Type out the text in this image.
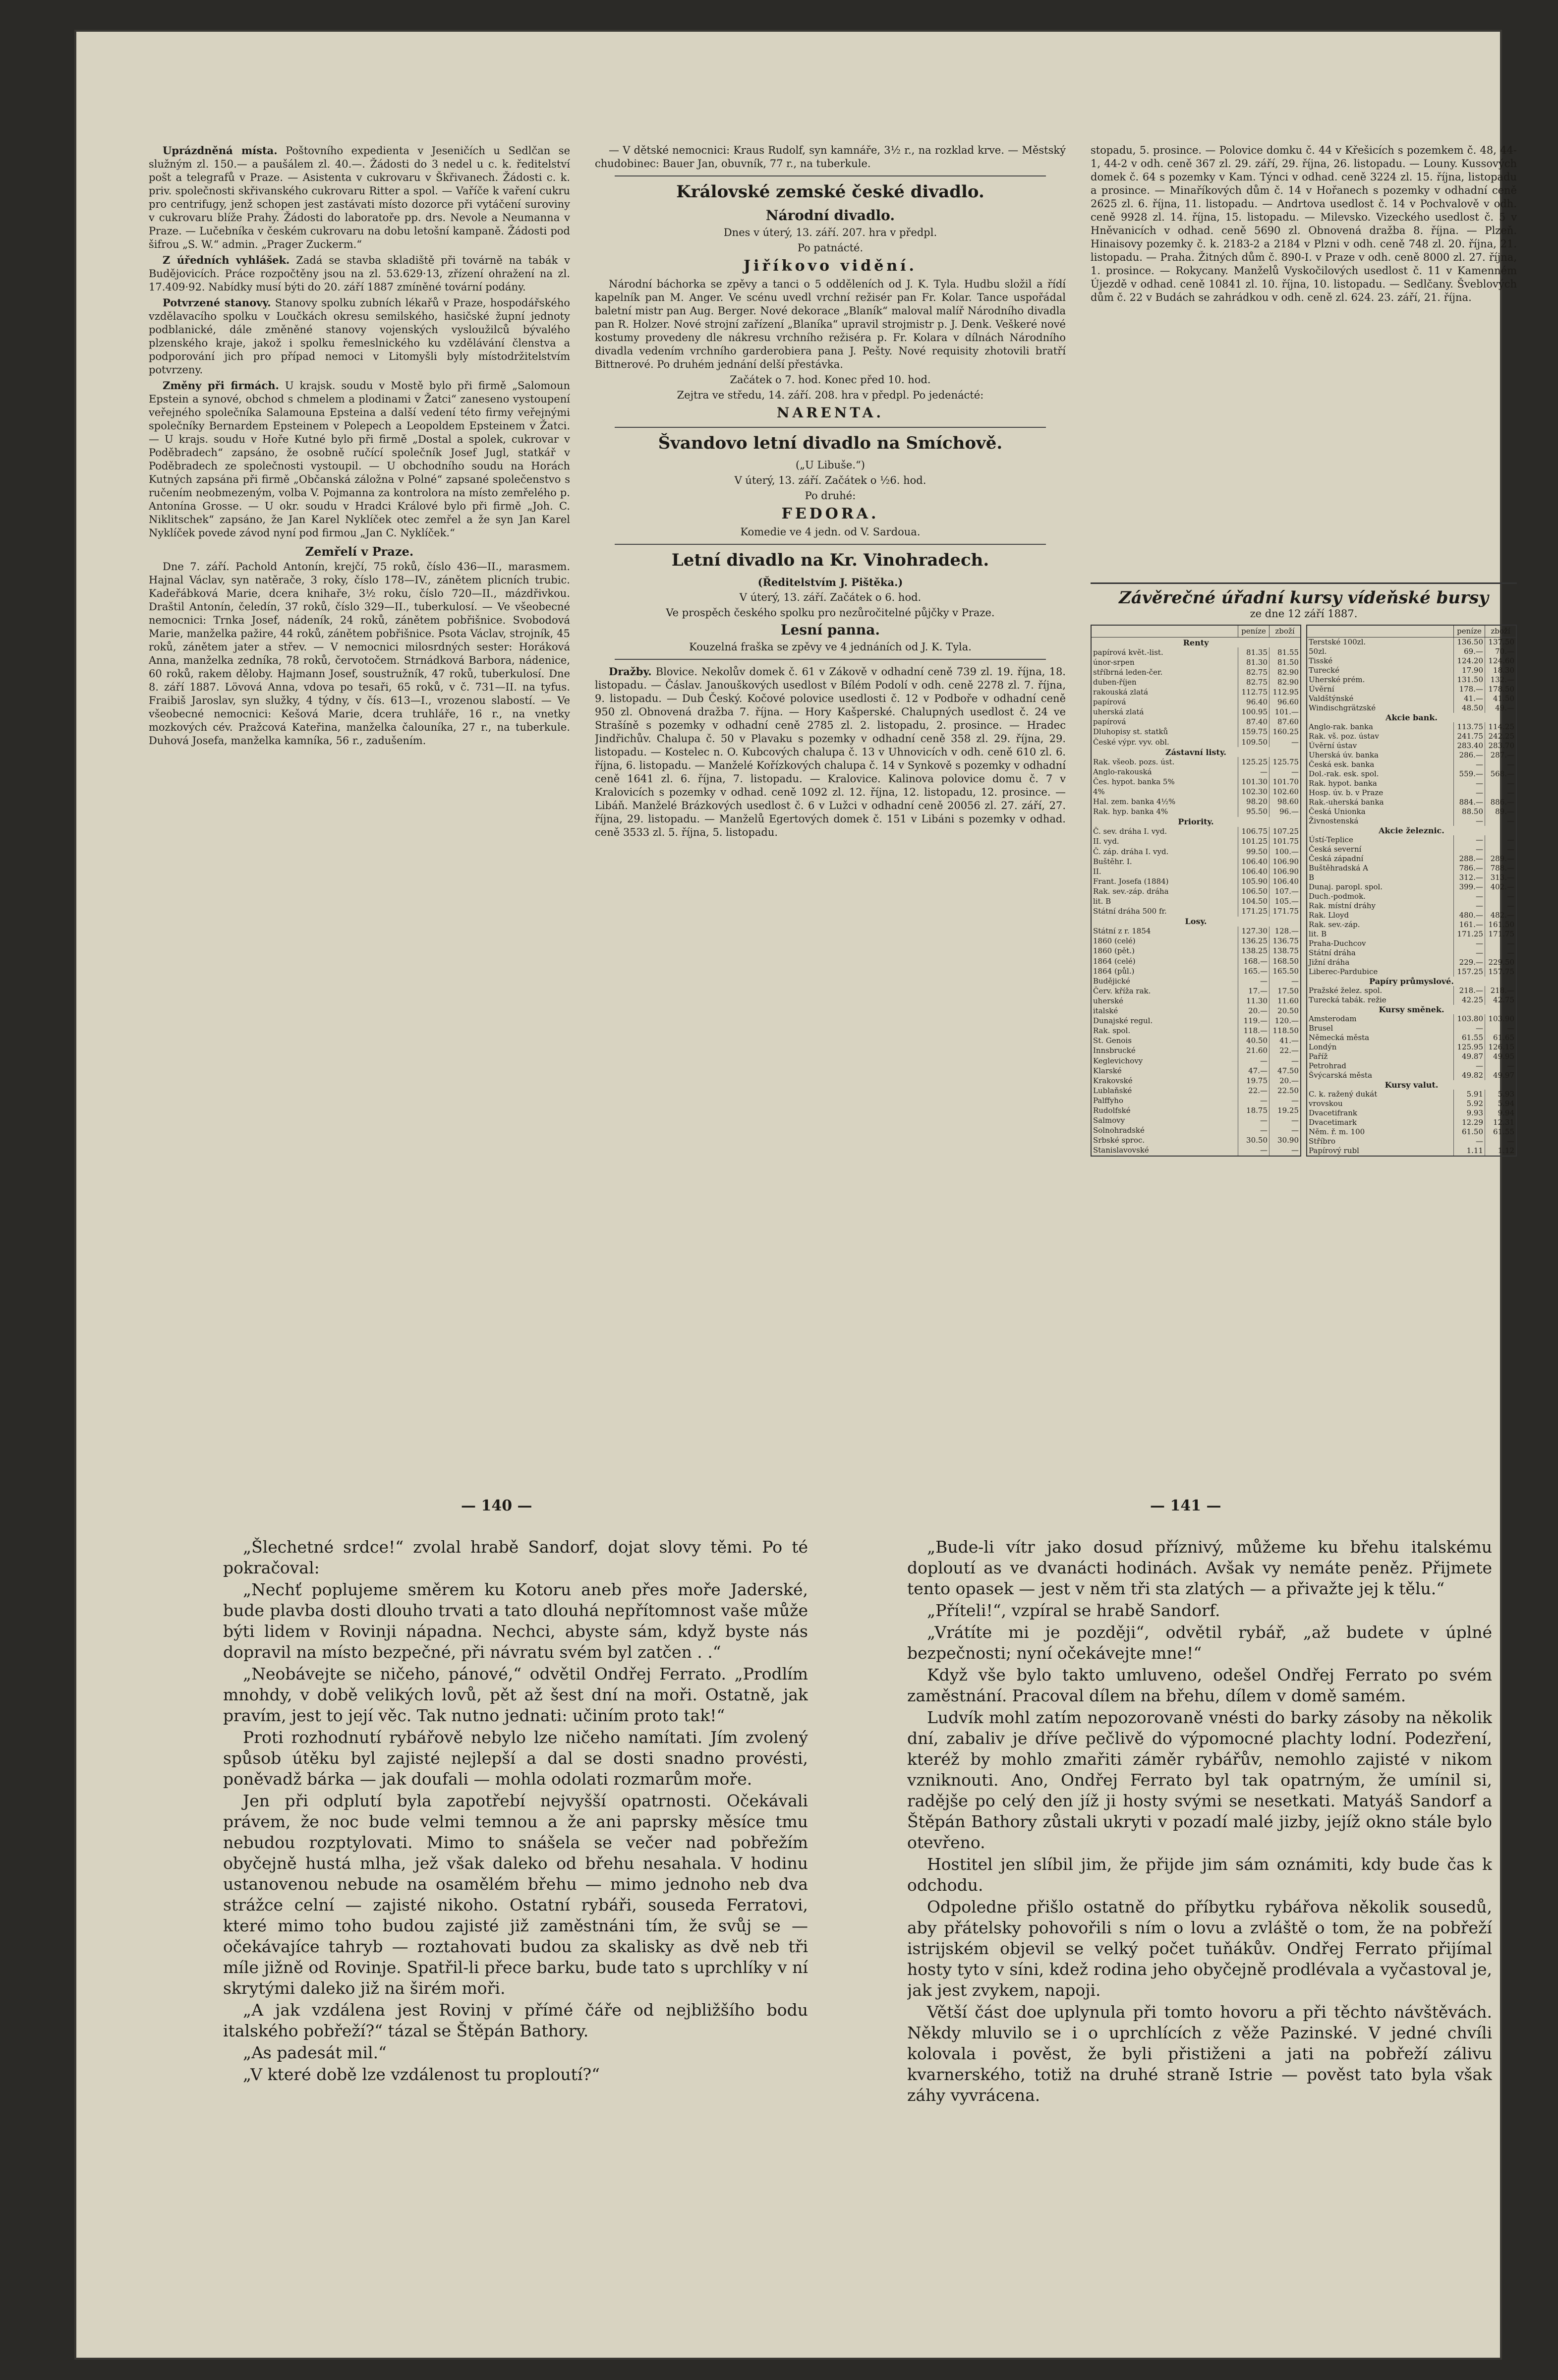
Uprázdněná místa. Poštovního expedienta v Jeseničích u Sedlčan se služným zl. 150.— a paušálem zl. 40.—. Žádosti do 3 nedel u c. k. ředitelství pošt a telegrafů v Praze. — Asistenta v cukrovaru v Škřivanech. Žádosti c. k. priv. společnosti skřivanského cukrovaru Ritter a spol. — Vaříče k vaření cukru pro centrifugy, jenž schopen jest zastávati místo dozorce při vytáčení suroviny v cukrovaru blíže Prahy. Žádosti do laboratoře pp. drs. Nevole a Neumanna v Praze. — Lučebníka v českém cukrovaru na dobu letošní kampaně. Žádosti pod šifrou „S. W.“ admin. „Prager Zuckerm.“

Z úředních vyhlášek. Zadá se stavba skladiště při továrně na tabák v Budějovicích. Práce rozpočtěny jsou na zl. 53.629·13, zřízení ohražení na zl. 17.409·92. Nabídky musí býti do 20. září 1887 zmíněné tovární podány.

Potvrzené stanovy. Stanovy spolku zubních lékařů v Praze, hospodářského vzdělavacího spolku v Loučkách okresu semilského, hasičské župní jednoty podblanické, dále změněné stanovy vojenských vysloužilců bývalého plzenského kraje, jakož i spolku řemeslnického ku vzdělávání členstva a podporování jich pro případ nemoci v Litomyšli byly místodržitelstvím potvrzeny.

Změny při firmách. U krajsk. soudu v Mostě bylo při firmě „Salomoun Epstein a synové, obchod s chmelem a plodinami v Žatci“ zaneseno vystoupení veřejného společníka Salamouna Epsteina a další vedení této firmy veřejnými společníky Bernardem Epsteinem v Polepech a Leopoldem Epsteinem v Žatci. — U krajs. soudu v Hoře Kutné bylo při firmě „Dostal a spolek, cukrovar v Poděbradech“ zapsáno, že osobně ručící společník Josef Jugl, statkář v Poděbradech ze společnosti vystoupil. — U obchodního soudu na Horách Kutných zapsána při firmě „Občanská záložna v Polné“ zapsané společenstvo s ručením neobmezeným, volba V. Pojmanna za kontrolora na místo zemřelého p. Antonína Grosse. — U okr. soudu v Hradci Králové bylo při firmě „Joh. C. Niklitschek“ zapsáno, že Jan Karel Nyklíček otec zemřel a že syn Jan Karel Nyklíček povede závod nyní pod firmou „Jan C. Nyklíček.“

Zemřelí v Praze.

Dne 7. září. Pachold Antonín, krejčí, 75 roků, číslo 436—II., marasmem. Hajnal Václav, syn natěrače, 3 roky, číslo 178—IV., zánětem plicních trubic. Kadeřábková Marie, dcera knihaře, 3½ roku, číslo 720—II., mázdřivkou. Draštil Antonín, čeledín, 37 roků, číslo 329—II., tuberkulosí. — Ve všeobecné nemocnici: Trnka Josef, nádeník, 24 roků, zánětem pobřišnice. Svobodová Marie, manželka pažire, 44 roků, zánětem pobřišnice. Psota Václav, strojník, 45 roků, zánětem jater a střev. — V nemocnici milosrdných sester: Horáková Anna, manželka zedníka, 78 roků, červotočem. Strnádková Barbora, nádenice, 60 roků, rakem děloby. Hajmann Josef, soustružník, 47 roků, tuberkulosí. Dne 8. září 1887. Lövová Anna, vdova po tesaři, 65 roků, v č. 731—II. na tyfus. Fraibiš Jaroslav, syn služky, 4 týdny, v čís. 613—I., vrozenou slabostí. — Ve všeobecné nemocnici: Kešová Marie, dcera truhláře, 16 r., na vnetky mozkových cév. Pražcová Kateřina, manželka čalouníka, 27 r., na tuberkule. Duhová Josefa, manželka kamníka, 56 r., zadušením.

— V dětské nemocnici: Kraus Rudolf, syn kamnáře, 3½ r., na rozklad krve. — Městský chudobinec: Bauer Jan, obuvník, 77 r., na tuberkule.

Královské zemské české divadlo.

Národní divadlo.

Dnes v úterý, 13. září. 207. hra v předpl.

Po patnácté.

Jiříkovo vidění.

Národní báchorka se zpěvy a tanci o 5 odděleních od J. K. Tyla. Hudbu složil a řídí kapelník pan M. Anger. Ve scénu uvedl vrchní režisér pan Fr. Kolar. Tance uspořádal baletní mistr pan Aug. Berger. Nové dekorace „Blaník“ maloval malíř Národního divadla pan R. Holzer. Nové strojní zařízení „Blaníka“ upravil strojmistr p. J. Denk. Veškeré nové kostumy provedeny dle nákresu vrchního režiséra p. Fr. Kolara v dílnách Národního divadla vedením vrchního garderobiera pana J. Pešty. Nové requisity zhotovili bratří Bittnerové. Po druhém jednání delší přestávka.

Začátek o 7. hod. Konec před 10. hod.

Zejtra ve středu, 14. září. 208. hra v předpl. Po jedenácté:

NARENTA.

Švandovo letní divadlo na Smíchově.

(„U Libuše.“)

V úterý, 13. září. Začátek o ½6. hod.

Po druhé:

FEDORA.

Komedie ve 4 jedn. od V. Sardoua.

Letní divadlo na Kr. Vinohradech.

(Ředitelstvím J. Pištěka.)

V úterý, 13. září. Začátek o 6. hod.

Ve prospěch českého spolku pro nezůročitelné půjčky v Praze.

Lesní panna.

Kouzelná fraška se zpěvy ve 4 jednáních od J. K. Tyla.

Dražby. Blovice. Nekolův domek č. 61 v Zákově v odhadní ceně 739 zl. 19. října, 18. listopadu. — Čáslav. Janouškových usedlost v Bílém Podolí v odh. ceně 2278 zl. 7. října, 9. listopadu. — Dub Český. Kočové polovice usedlosti č. 12 v Podboře v odhadní ceně 950 zl. Obnovená dražba 7. října. — Hory Kašperské. Chalupných usedlost č. 24 ve Strašíně s pozemky v odhadní ceně 2785 zl. 2. listopadu, 2. prosince. — Hradec Jindřichův. Chalupa č. 50 v Plavaku s pozemky v odhadní ceně 358 zl. 29. října, 29. listopadu. — Kostelec n. O. Kubcových chalupa č. 13 v Uhnovicích v odh. ceně 610 zl. 6. října, 6. listopadu. — Manželé Kořízkových chalupa č. 14 v Synkově s pozemky v odhadní ceně 1641 zl. 6. října, 7. listopadu. — Kralovice. Kalinova polovice domu č. 7 v Kralovicích s pozemky v odhad. ceně 1092 zl. 12. října, 12. listopadu, 12. prosince. — Libáň. Manželé Brázkových usedlost č. 6 v Lužci v odhadní ceně 20056 zl. 27. září, 27. října, 29. listopadu. — Manželů Egertových domek č. 151 v Libáni s pozemky v odhad. ceně 3533 zl. 5. října, 5. listopadu.

stopadu, 5. prosince. — Polovice domku č. 44 v Křešicích s pozemkem č. 48, 44-1, 44-2 v odh. ceně 367 zl. 29. září, 29. října, 26. listopadu. — Louny. Kussových domek č. 64 s pozemky v Kam. Týnci v odhad. ceně 3224 zl. 15. října, listopadu a prosince. — Minaříkových dům č. 14 v Hořanech s pozemky v odhadní ceně 2625 zl. 6. října, 11. listopadu. — Andrtova usedlost č. 14 v Pochvalově v odh. ceně 9928 zl. 14. října, 15. listopadu. — Milevsko. Vizeckého usedlost č. 5 v Hněvanicích v odhad. ceně 5690 zl. Obnovená dražba 8. října. — Plzeň. Hinaisovy pozemky č. k. 2183-2 a 2184 v Plzni v odh. ceně 748 zl. 20. října, 21. listopadu. — Praha. Žitných dům č. 890-I. v Praze v odh. ceně 8000 zl. 27. října, 1. prosince. — Rokycany. Manželů Vyskočilových usedlost č. 11 v Kamenném Újezdě v odhad. ceně 10841 zl. 10. října, 10. listopadu. — Sedlčany. Šveblových dům č. 22 v Budách se zahrádkou v odh. ceně zl. 624. 23. září, 21. října.

Závěrečné úřadní kursy vídeňské bursy
ze dne 12 září 1887.
	peníze	zboží
Renty		
papírová květ.-list.	81.35	81.55
únor-srpen	81.30	81.50
stříbrná leden-čer.	82.75	82.90
duben-říjen	82.75	82.90
rakouská zlatá	112.75	112.95
papírová	96.40	96.60
uherská zlatá	100.95	101.—
papírová	87.40	87.60
Dluhopisy st. statků	159.75	160.25
České výpr. vyv. obl.	109.50	—
Zástavní listy.		
Rak. všeob. pozs. úst.	125.25	125.75
Anglo-rakouská	—	—
Čes. hypot. banka 5%	101.30	101.70
4%	102.30	102.60
Hal. zem. banka 4½%	98.20	98.60
Rak. hyp. banka 4%	95.50	96.—
Priority.		
Č. sev. dráha I. vyd.	106.75	107.25
II. vyd.	101.25	101.75
Č. záp. dráha I. vyd.	99.50	100.—
Buštěhr. I.	106.40	106.90
II.	106.40	106.90
Frant. Josefa (1884)	105.90	106.40
Rak. sev.-záp. dráha	106.50	107.—
lit. B	104.50	105.—
Státní dráha 500 fr.	171.25	171.75
Losy.		
Státní z r. 1854	127.30	128.—
1860 (celé)	136.25	136.75
1860 (pět.)	138.25	138.75
1864 (celé)	168.—	168.50
1864 (půl.)	165.—	165.50
Budějické	—	—
Červ. kříža rak.	17.—	17.50
uherské	11.30	11.60
italské	20.—	20.50
Dunajské regul.	119.—	120.—
Rak. spol.	118.—	118.50
St. Genois	40.50	41.—
Innsbrucké	21.60	22.—
Keglevichovy	—	—
Klarské	47.—	47.50
Krakovské	19.75	20.—
Lublaňské	22.—	22.50
Palffyho	—	—
Rudolfské	18.75	19.25
Salmovy	—	—
Solnohradské	—	—
Srbské sproc.	30.50	30.90
Stanislavovské	—	—
	peníze	zboží
Terstské 100zl.	136.50	137.50
50zl.	69.—	70.—
Tisské	124.20	124.60
Turecké	17.90	18.30
Uherské prém.	131.50	132.—
Úvěrní	178.—	178.50
Valdštýnské	41.—	41.50
Windischgrätzské	48.50	49.—
Akcie bank.		
Anglo-rak. banka	113.75	114.25
Rak. vš. poz. ústav	241.75	242.25
Úvěrní ústav	283.40	283.70
Uherská úv. banka	286.—	287.—
Česká esk. banka	—	—
Dol.-rak. esk. spol.	559.—	568.—
Rak. hypot. banka	—	—
Hosp. úv. b. v Praze	—	—
Rak.-uherská banka	884.—	886.—
Česká Unionka	88.50	89.—
Živnostenská	—	—
Akcie železnic.		
Ústí-Teplice	—	—
Česká severní	—	—
Česká západní	288.—	289.—
Buštěhradská A	786.—	788.—
B	312.—	313.—
Dunaj. paropl. spol.	399.—	402.—
Duch.-podmok.	—	—
Rak. místní dráhy	—	—
Rak. Lloyd	480.—	482.—
Rak. sev.-záp.	161.—	161.50
lit. B	171.25	171.75
Praha-Duchcov	—	—
Státní dráha	—	—
Jižní dráha	229.—	229.50
Liberec-Pardubice	157.25	157.75
Papíry průmyslové.		
Pražské želez. spol.	218.—	218.—
Turecká tabák. režie	42.25	42.75
Kursy směnek.		
Amsterodam	103.80	103.90
Brusel	—	—
Německá města	61.55	61.65
Londýn	125.95	126.15
Paříž	49.87	49.95
Petrohrad	—	—
Švýcarská města	49.82	49.97
Kursy valut.		
C. k. ražený dukát	5.91	5.93
vrovskou	5.92	5.94
Dvacetifrank	9.93	9.94
Dvacetimark	12.29	12.31
Něm. ř. m. 100	61.50	61.55
Stříbro	—	—
Papírový rubl	1.11	1.12
— 140 —	— 141 —

„Šlechetné srdce!“ zvolal hrabě Sandorf, dojat slovy těmi. Po té pokračoval:

„Nechť poplujeme směrem ku Kotoru aneb přes moře Jaderské, bude plavba dosti dlouho trvati a tato dlouhá nepřítomnost vaše může býti lidem v Rovinji nápadna. Nechci, abyste sám, když byste nás dopravil na místo bezpečné, při návratu svém byl zatčen . .“

„Neobávejte se ničeho, pánové,“ odvětil Ondřej Ferrato. „Prodlím mnohdy, v době velikých lovů, pět až šest dní na moři. Ostatně, jak pravím, jest to její věc. Tak nutno jednati: učiním proto tak!“

Proti rozhodnutí rybářově nebylo lze ničeho namítati. Jím zvolený spůsob útěku byl zajisté nejlepší a dal se dosti snadno provésti, poněvadž bárka — jak doufali — mohla odolati rozmarům moře.

Jen při odplutí byla zapotřebí nejvyšší opatrnosti. Očekávali právem, že noc bude velmi temnou a že ani paprsky měsíce tmu nebudou rozptylovati. Mimo to snášela se večer nad pobřežím obyčejně hustá mlha, jež však daleko od břehu nesahala. V hodinu ustanovenou nebude na osamělém břehu — mimo jednoho neb dva strážce celní — zajisté nikoho. Ostatní rybáři, souseda Ferratovi, které mimo toho budou zajisté již zaměstnáni tím, že svůj se — očekávajíce tahryb — roztahovati budou za skalisky as dvě neb tři míle jižně od Rovinje. Spatřil-li přece barku, bude tato s uprchlíky v ní skrytými daleko již na širém moři.

„A jak vzdálena jest Rovinj v přímé čáře od nejbližšího bodu italského pobřeží?“ tázal se Štěpán Bathory.

„As padesát mil.“

„V které době lze vzdálenost tu proploutí?“

„Bude-li vítr jako dosud příznivý, můžeme ku břehu italskému doploutí as ve dvanácti hodinách. Avšak vy nemáte peněz. Přijmete tento opasek — jest v něm tři sta zlatých — a přivažte jej k tělu.“

„Příteli!“, vzpíral se hrabě Sandorf.

„Vrátíte mi je později“, odvětil rybář, „až budete v úplné bezpečnosti; nyní očekávejte mne!“

Když vše bylo takto umluveno, odešel Ondřej Ferrato po svém zaměstnání. Pracoval dílem na břehu, dílem v domě samém.

Ludvík mohl zatím nepozorovaně vnésti do barky zásoby na několik dní, zabaliv je dříve pečlivě do výpomocné plachty lodní. Podezření, kteréž by mohlo zmařiti záměr rybářův, nemohlo zajisté v nikom vzniknouti. Ano, Ondřej Ferrato byl tak opatrným, že umínil si, radějše po celý den jíž ji hosty svými se nesetkati. Matyáš Sandorf a Štěpán Bathory zůstali ukryti v pozadí malé jizby, jejíž okno stále bylo otevřeno.

Hostitel jen slíbil jim, že přijde jim sám oznámiti, kdy bude čas k odchodu.

Odpoledne přišlo ostatně do příbytku rybářova několik sousedů, aby přátelsky pohovořili s ním o lovu a zvláště o tom, že na pobřeží istrijském objevil se velký počet tuňákův. Ondřej Ferrato přijímal hosty tyto v síni, kdež rodina jeho obyčejně prodlévala a vyčastoval je, jak jest zvykem, napoji.

Větší část doe uplynula při tomto hovoru a při těchto návštěvách. Někdy mluvilo se i o uprchlících z věže Pazinské. V jedné chvíli kolovala i pověst, že byli přistiženi a jati na pobřeží zálivu kvarnerského, totiž na druhé straně Istrie — pověst tato byla však záhy vyvrácena.
